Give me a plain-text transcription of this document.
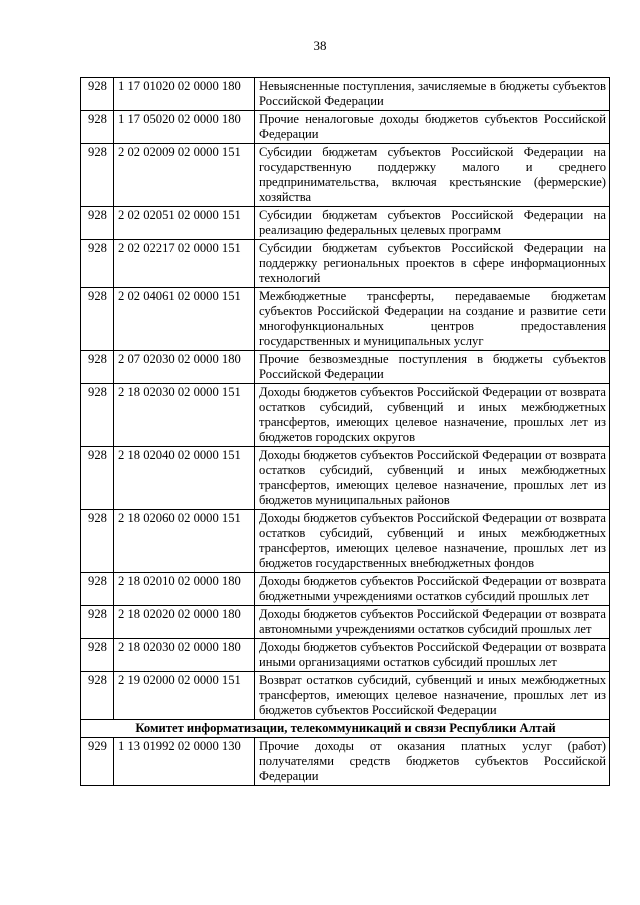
38
928	1 17 01020 02 0000 180	Невыясненные поступления, зачисляемые в бюджеты субъектов Российской Федерации
928	1 17 05020 02 0000 180	Прочие неналоговые доходы бюджетов субъектов Российской Федерации
928	2 02 02009 02 0000 151	Субсидии бюджетам субъектов Российской Федерации на государственную поддержку малого и среднего предпринимательства, включая крестьянские (фермерские) хозяйства
928	2 02 02051 02 0000 151	Субсидии бюджетам субъектов Российской Федерации на реализацию федеральных целевых программ
928	2 02 02217 02 0000 151	Субсидии бюджетам субъектов Российской Федерации на поддержку региональных проектов в сфере информационных технологий
928	2 02 04061 02 0000 151	Межбюджетные трансферты, передаваемые бюджетам субъектов Российской Федерации на создание и развитие сети многофункциональных центров предоставления государственных и муниципальных услуг
928	2 07 02030 02 0000 180	Прочие безвозмездные поступления в бюджеты субъектов Российской Федерации
928	2 18 02030 02 0000 151	Доходы бюджетов субъектов Российской Федерации от возврата остатков субсидий, субвенций и иных межбюджетных трансфертов, имеющих целевое назначение, прошлых лет из бюджетов городских округов
928	2 18 02040 02 0000 151	Доходы бюджетов субъектов Российской Федерации от возврата остатков субсидий, субвенций и иных межбюджетных трансфертов, имеющих целевое назначение, прошлых лет из бюджетов муниципальных районов
928	2 18 02060 02 0000 151	Доходы бюджетов субъектов Российской Федерации от возврата остатков субсидий, субвенций и иных межбюджетных трансфертов, имеющих целевое назначение, прошлых лет из бюджетов государственных внебюджетных фондов
928	2 18 02010 02 0000 180	Доходы бюджетов субъектов Российской Федерации от возврата бюджетными учреждениями остатков субсидий прошлых лет
928	2 18 02020 02 0000 180	Доходы бюджетов субъектов Российской Федерации от возврата автономными учреждениями остатков субсидий прошлых лет
928	2 18 02030 02 0000 180	Доходы бюджетов субъектов Российской Федерации от возврата иными организациями остатков субсидий прошлых лет
928	2 19 02000 02 0000 151	Возврат остатков субсидий, субвенций и иных межбюджетных трансфертов, имеющих целевое назначение, прошлых лет из бюджетов субъектов Российской Федерации
Комитет информатизации, телекоммуникаций и связи Республики Алтай		
929	1 13 01992 02 0000 130	Прочие доходы от оказания платных услуг (работ) получателями средств бюджетов субъектов Российской Федерации
